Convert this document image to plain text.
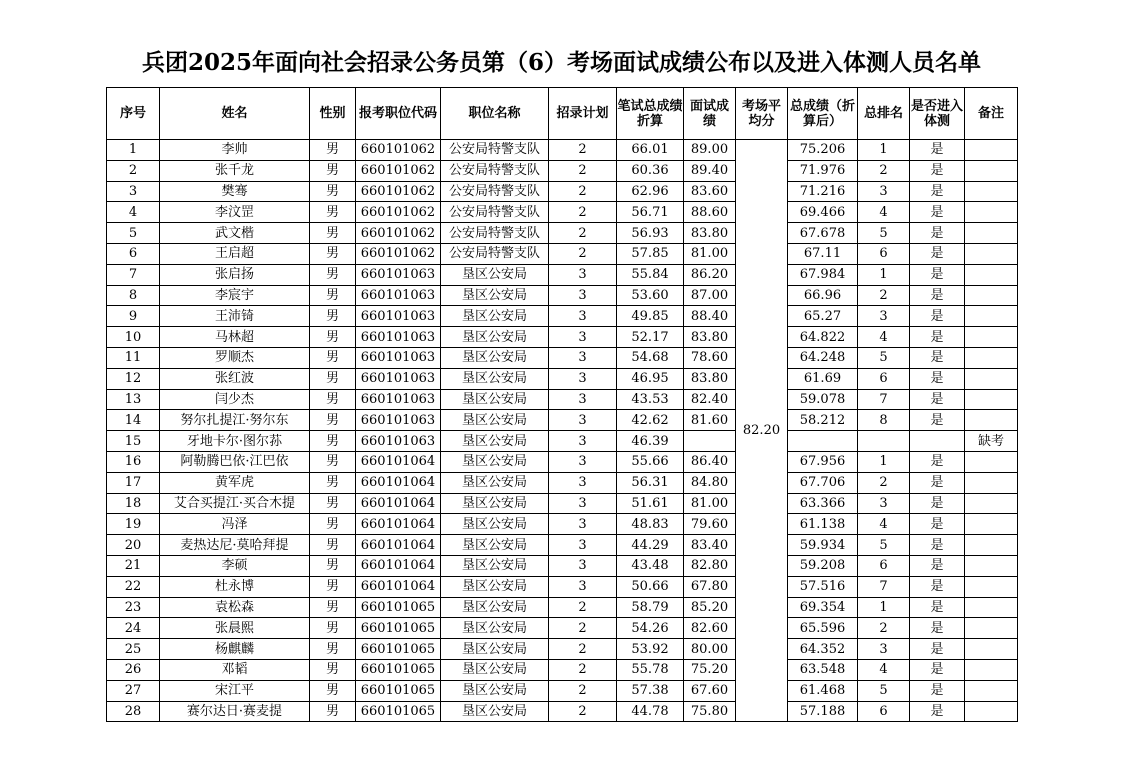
兵团2025年面向社会招录公务员第（6）考场面试成绩公布以及进入体测人员名单
序号	姓名	性别	报考职位代码	职位名称	招录计划	笔试总成绩折算	面试成绩	考场平均分	总成绩（折算后）	总排名	是否进入体测	备注
1	李帅	男	660101062	公安局特警支队	2	66.01	89.00	82.20	75.206	1	是	
2	张千龙	男	660101062	公安局特警支队	2	60.36	89.40		71.976	2	是	
3	樊骞	男	660101062	公安局特警支队	2	62.96	83.60		71.216	3	是	
4	李汶罡	男	660101062	公安局特警支队	2	56.71	88.60		69.466	4	是	
5	武文楷	男	660101062	公安局特警支队	2	56.93	83.80		67.678	5	是	
6	王启超	男	660101062	公安局特警支队	2	57.85	81.00		67.11	6	是	
7	张启扬	男	660101063	垦区公安局	3	55.84	86.20		67.984	1	是	
8	李宸宇	男	660101063	垦区公安局	3	53.60	87.00		66.96	2	是	
9	王沛锜	男	660101063	垦区公安局	3	49.85	88.40		65.27	3	是	
10	马林超	男	660101063	垦区公安局	3	52.17	83.80		64.822	4	是	
11	罗顺杰	男	660101063	垦区公安局	3	54.68	78.60		64.248	5	是	
12	张红波	男	660101063	垦区公安局	3	46.95	83.80		61.69	6	是	
13	闫少杰	男	660101063	垦区公安局	3	43.53	82.40		59.078	7	是	
14	努尔扎提江·努尔东	男	660101063	垦区公安局	3	42.62	81.60		58.212	8	是	
15	牙地卡尔·图尔荪	男	660101063	垦区公安局	3	46.39						缺考
16	阿勒腾巴依·江巴依	男	660101064	垦区公安局	3	55.66	86.40		67.956	1	是	
17	黄军虎	男	660101064	垦区公安局	3	56.31	84.80		67.706	2	是	
18	艾合买提江·买合木提	男	660101064	垦区公安局	3	51.61	81.00		63.366	3	是	
19	冯泽	男	660101064	垦区公安局	3	48.83	79.60		61.138	4	是	
20	麦热达尼·莫哈拜提	男	660101064	垦区公安局	3	44.29	83.40		59.934	5	是	
21	李硕	男	660101064	垦区公安局	3	43.48	82.80		59.208	6	是	
22	杜永博	男	660101064	垦区公安局	3	50.66	67.80		57.516	7	是	
23	袁松森	男	660101065	垦区公安局	2	58.79	85.20		69.354	1	是	
24	张晨熙	男	660101065	垦区公安局	2	54.26	82.60		65.596	2	是	
25	杨麒麟	男	660101065	垦区公安局	2	53.92	80.00		64.352	3	是	
26	邓韬	男	660101065	垦区公安局	2	55.78	75.20		63.548	4	是	
27	宋江平	男	660101065	垦区公安局	2	57.38	67.60		61.468	5	是	
28	赛尔达日·赛麦提	男	660101065	垦区公安局	2	44.78	75.80		57.188	6	是	
